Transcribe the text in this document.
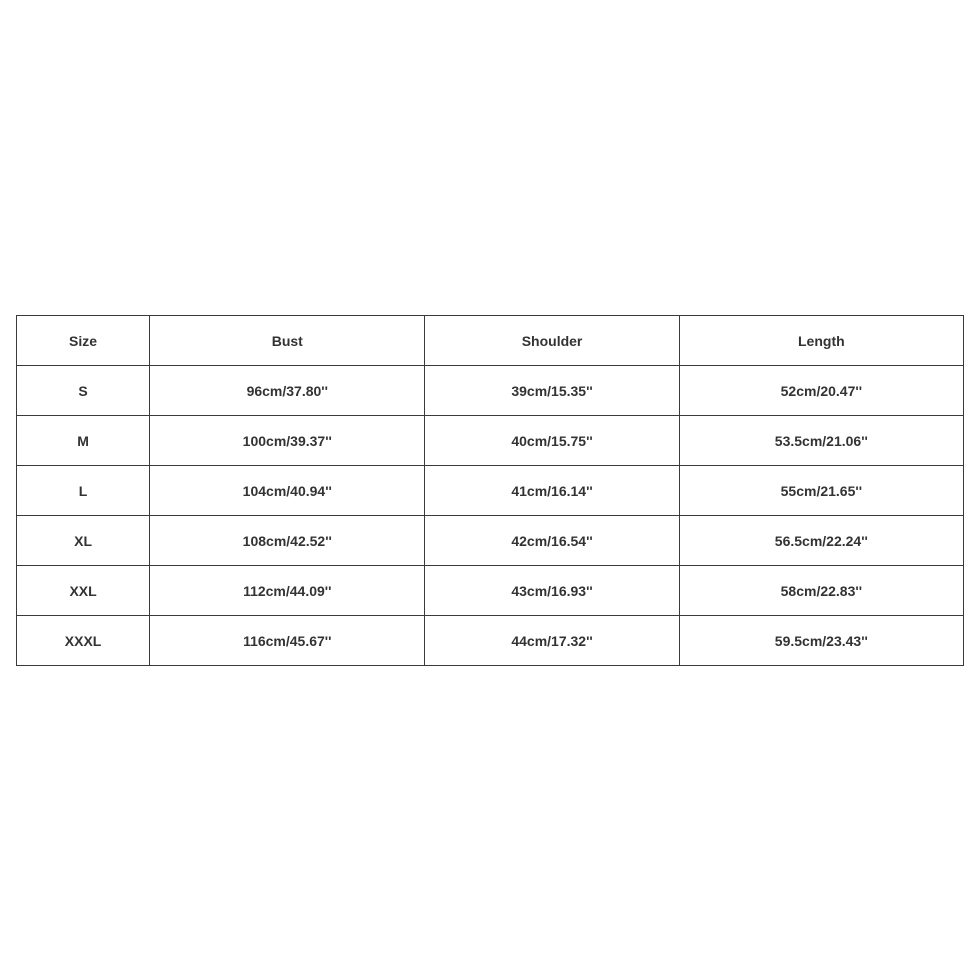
Size	Bust	Shoulder	Length
S	96cm/37.80''	39cm/15.35''	52cm/20.47''
M	100cm/39.37''	40cm/15.75''	53.5cm/21.06''
L	104cm/40.94''	41cm/16.14''	55cm/21.65''
XL	108cm/42.52''	42cm/16.54''	56.5cm/22.24''
XXL	112cm/44.09''	43cm/16.93''	58cm/22.83''
XXXL	116cm/45.67''	44cm/17.32''	59.5cm/23.43''
